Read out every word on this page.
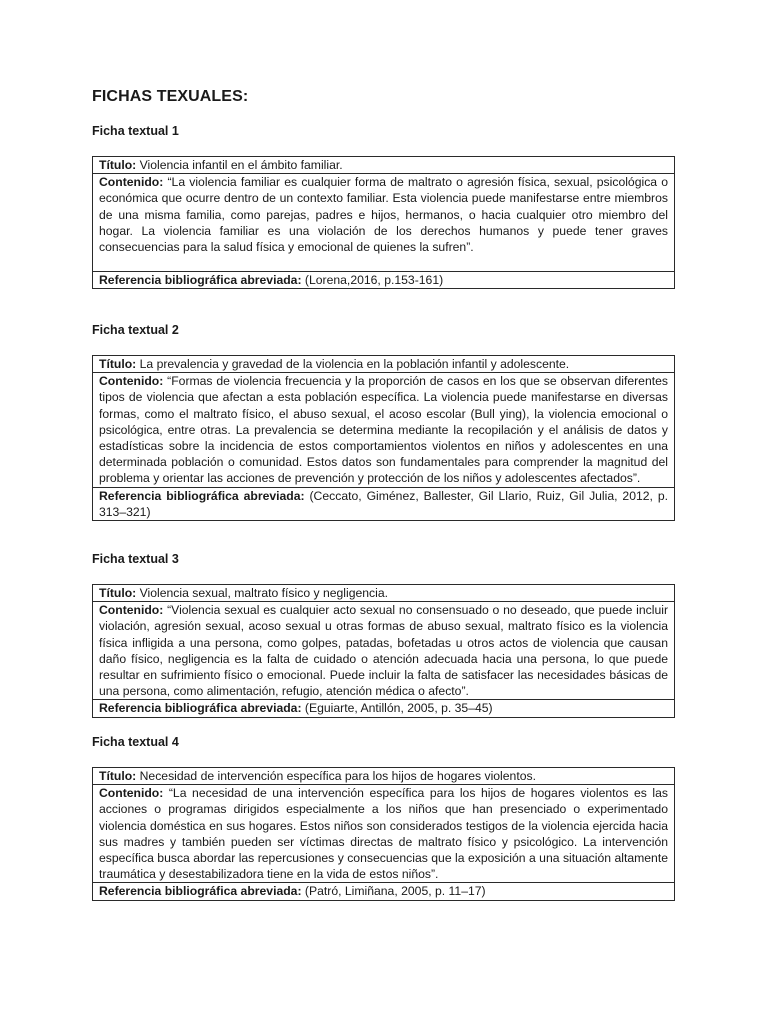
FICHAS TEXUALES:
Ficha textual 1
Título: Violencia infantil en el ámbito familiar.
Contenido: “La violencia familiar es cualquier forma de maltrato o agresión física, sexual, psicológica o económica que ocurre dentro de un contexto familiar. Esta violencia puede manifestarse entre miembros de una misma familia, como parejas, padres e hijos, hermanos, o hacia cualquier otro miembro del hogar. La violencia familiar es una violación de los derechos humanos y puede tener graves consecuencias para la salud física y emocional de quienes la sufren”.
Referencia bibliográfica abreviada: (Lorena,2016, p.153-161)
Ficha textual 2
Título: La prevalencia y gravedad de la violencia en la población infantil y adolescente.
Contenido: “Formas de violencia frecuencia y la proporción de casos en los que se observan diferentes tipos de violencia que afectan a esta población específica. La violencia puede manifestarse en diversas formas, como el maltrato físico, el abuso sexual, el acoso escolar (Bull ying), la violencia emocional o psicológica, entre otras. La prevalencia se determina mediante la recopilación y el análisis de datos y estadísticas sobre la incidencia de estos comportamientos violentos en niños y adolescentes en una determinada población o comunidad. Estos datos son fundamentales para comprender la magnitud del problema y orientar las acciones de prevención y protección de los niños y adolescentes afectados”.
Referencia bibliográfica abreviada: (Ceccato, Giménez, Ballester, Gil Llario, Ruiz, Gil Julia, 2012, p. 313–321)
Ficha textual 3
Título: Violencia sexual, maltrato físico y negligencia.
Contenido: “Violencia sexual es cualquier acto sexual no consensuado o no deseado, que puede incluir violación, agresión sexual, acoso sexual u otras formas de abuso sexual, maltrato físico es la violencia física infligida a una persona, como golpes, patadas, bofetadas u otros actos de violencia que causan daño físico, negligencia es la falta de cuidado o atención adecuada hacia una persona, lo que puede resultar en sufrimiento físico o emocional. Puede incluir la falta de satisfacer las necesidades básicas de una persona, como alimentación, refugio, atención médica o afecto”.
Referencia bibliográfica abreviada: (Eguiarte, Antillón, 2005, p. 35–45)
Ficha textual 4
Título: Necesidad de intervención específica para los hijos de hogares violentos.
Contenido: “La necesidad de una intervención específica para los hijos de hogares violentos es las acciones o programas dirigidos especialmente a los niños que han presenciado o experimentado violencia doméstica en sus hogares. Estos niños son considerados testigos de la violencia ejercida hacia sus madres y también pueden ser víctimas directas de maltrato físico y psicológico. La intervención específica busca abordar las repercusiones y consecuencias que la exposición a una situación altamente traumática y desestabilizadora tiene en la vida de estos niños”.
Referencia bibliográfica abreviada: (Patró, Limiñana, 2005, p. 11–17)
